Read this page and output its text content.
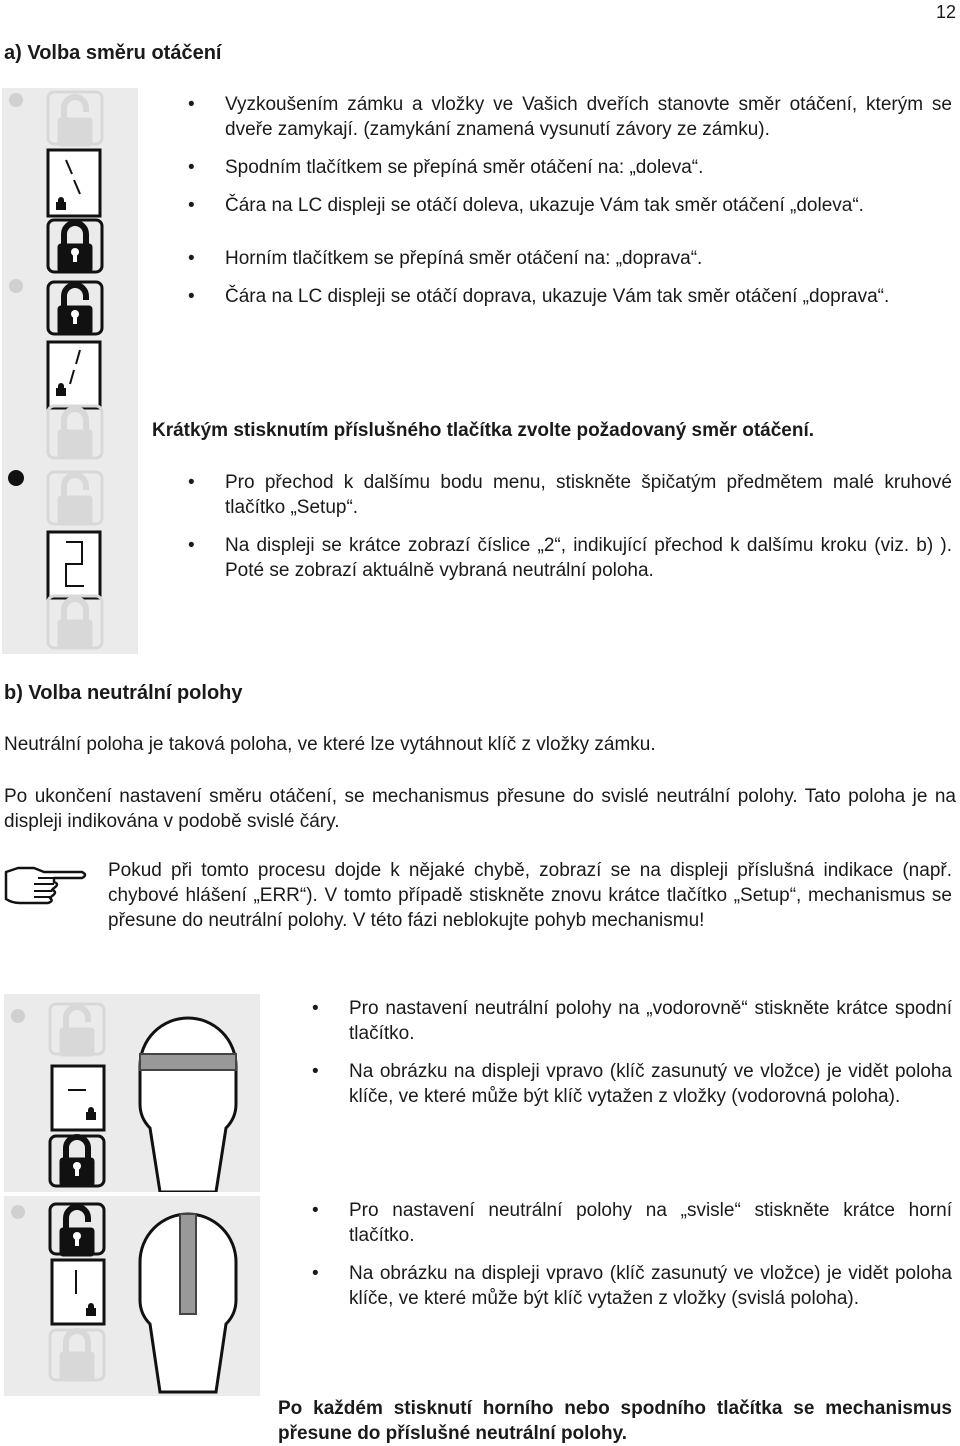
12
a) Volba směru otáčení
• Vyzkoušením zámku a vložky ve Vašich dveřích stanovte směr otáčení, kterým se dveře zamykají. (zamykání znamená vysunutí závory ze zámku).
• Spodním tlačítkem se přepíná směr otáčení na: „doleva“.
• Čára na LC displeji se otáčí doleva, ukazuje Vám tak směr otáčení „doleva“.
• Horním tlačítkem se přepíná směr otáčení na: „doprava“.
• Čára na LC displeji se otáčí doprava, ukazuje Vám tak směr otáčení „doprava“.
Krátkým stisknutím příslušného tlačítka zvolte požadovaný směr otáčení.
• Pro přechod k dalšímu bodu menu, stiskněte špičatým předmětem malé kruhové tlačítko „Setup“.
• Na displeji se krátce zobrazí číslice „2“, indikující přechod k dalšímu kroku (viz. b) ). Poté se zobrazí aktuálně vybraná neutrální poloha.
b) Volba neutrální polohy
Neutrální poloha je taková poloha, ve které lze vytáhnout klíč z vložky zámku.
Po ukončení nastavení směru otáčení, se mechanismus přesune do svislé neutrální polohy. Tato poloha je na displeji indikována v podobě svislé čáry.
Pokud při tomto procesu dojde k nějaké chybě, zobrazí se na displeji příslušná indikace (např. chybové hlášení „ERR“). V tomto případě stiskněte znovu krátce tlačítko „Setup“, mechanismus se přesune do neutrální polohy. V této fázi neblokujte pohyb mechanismu!
• Pro nastavení neutrální polohy na „vodorovně“ stiskněte krátce spodní tlačítko.
• Na obrázku na displeji vpravo (klíč zasunutý ve vložce) je vidět poloha klíče, ve které může být klíč vytažen z vložky (vodorovná poloha).
• Pro nastavení neutrální polohy na „svisle“ stiskněte krátce horní tlačítko.
• Na obrázku na displeji vpravo (klíč zasunutý ve vložce) je vidět poloha klíče, ve které může být klíč vytažen z vložky (svislá poloha).
Po každém stisknutí horního nebo spodního tlačítka se mechanismus přesune do příslušné neutrální polohy.
